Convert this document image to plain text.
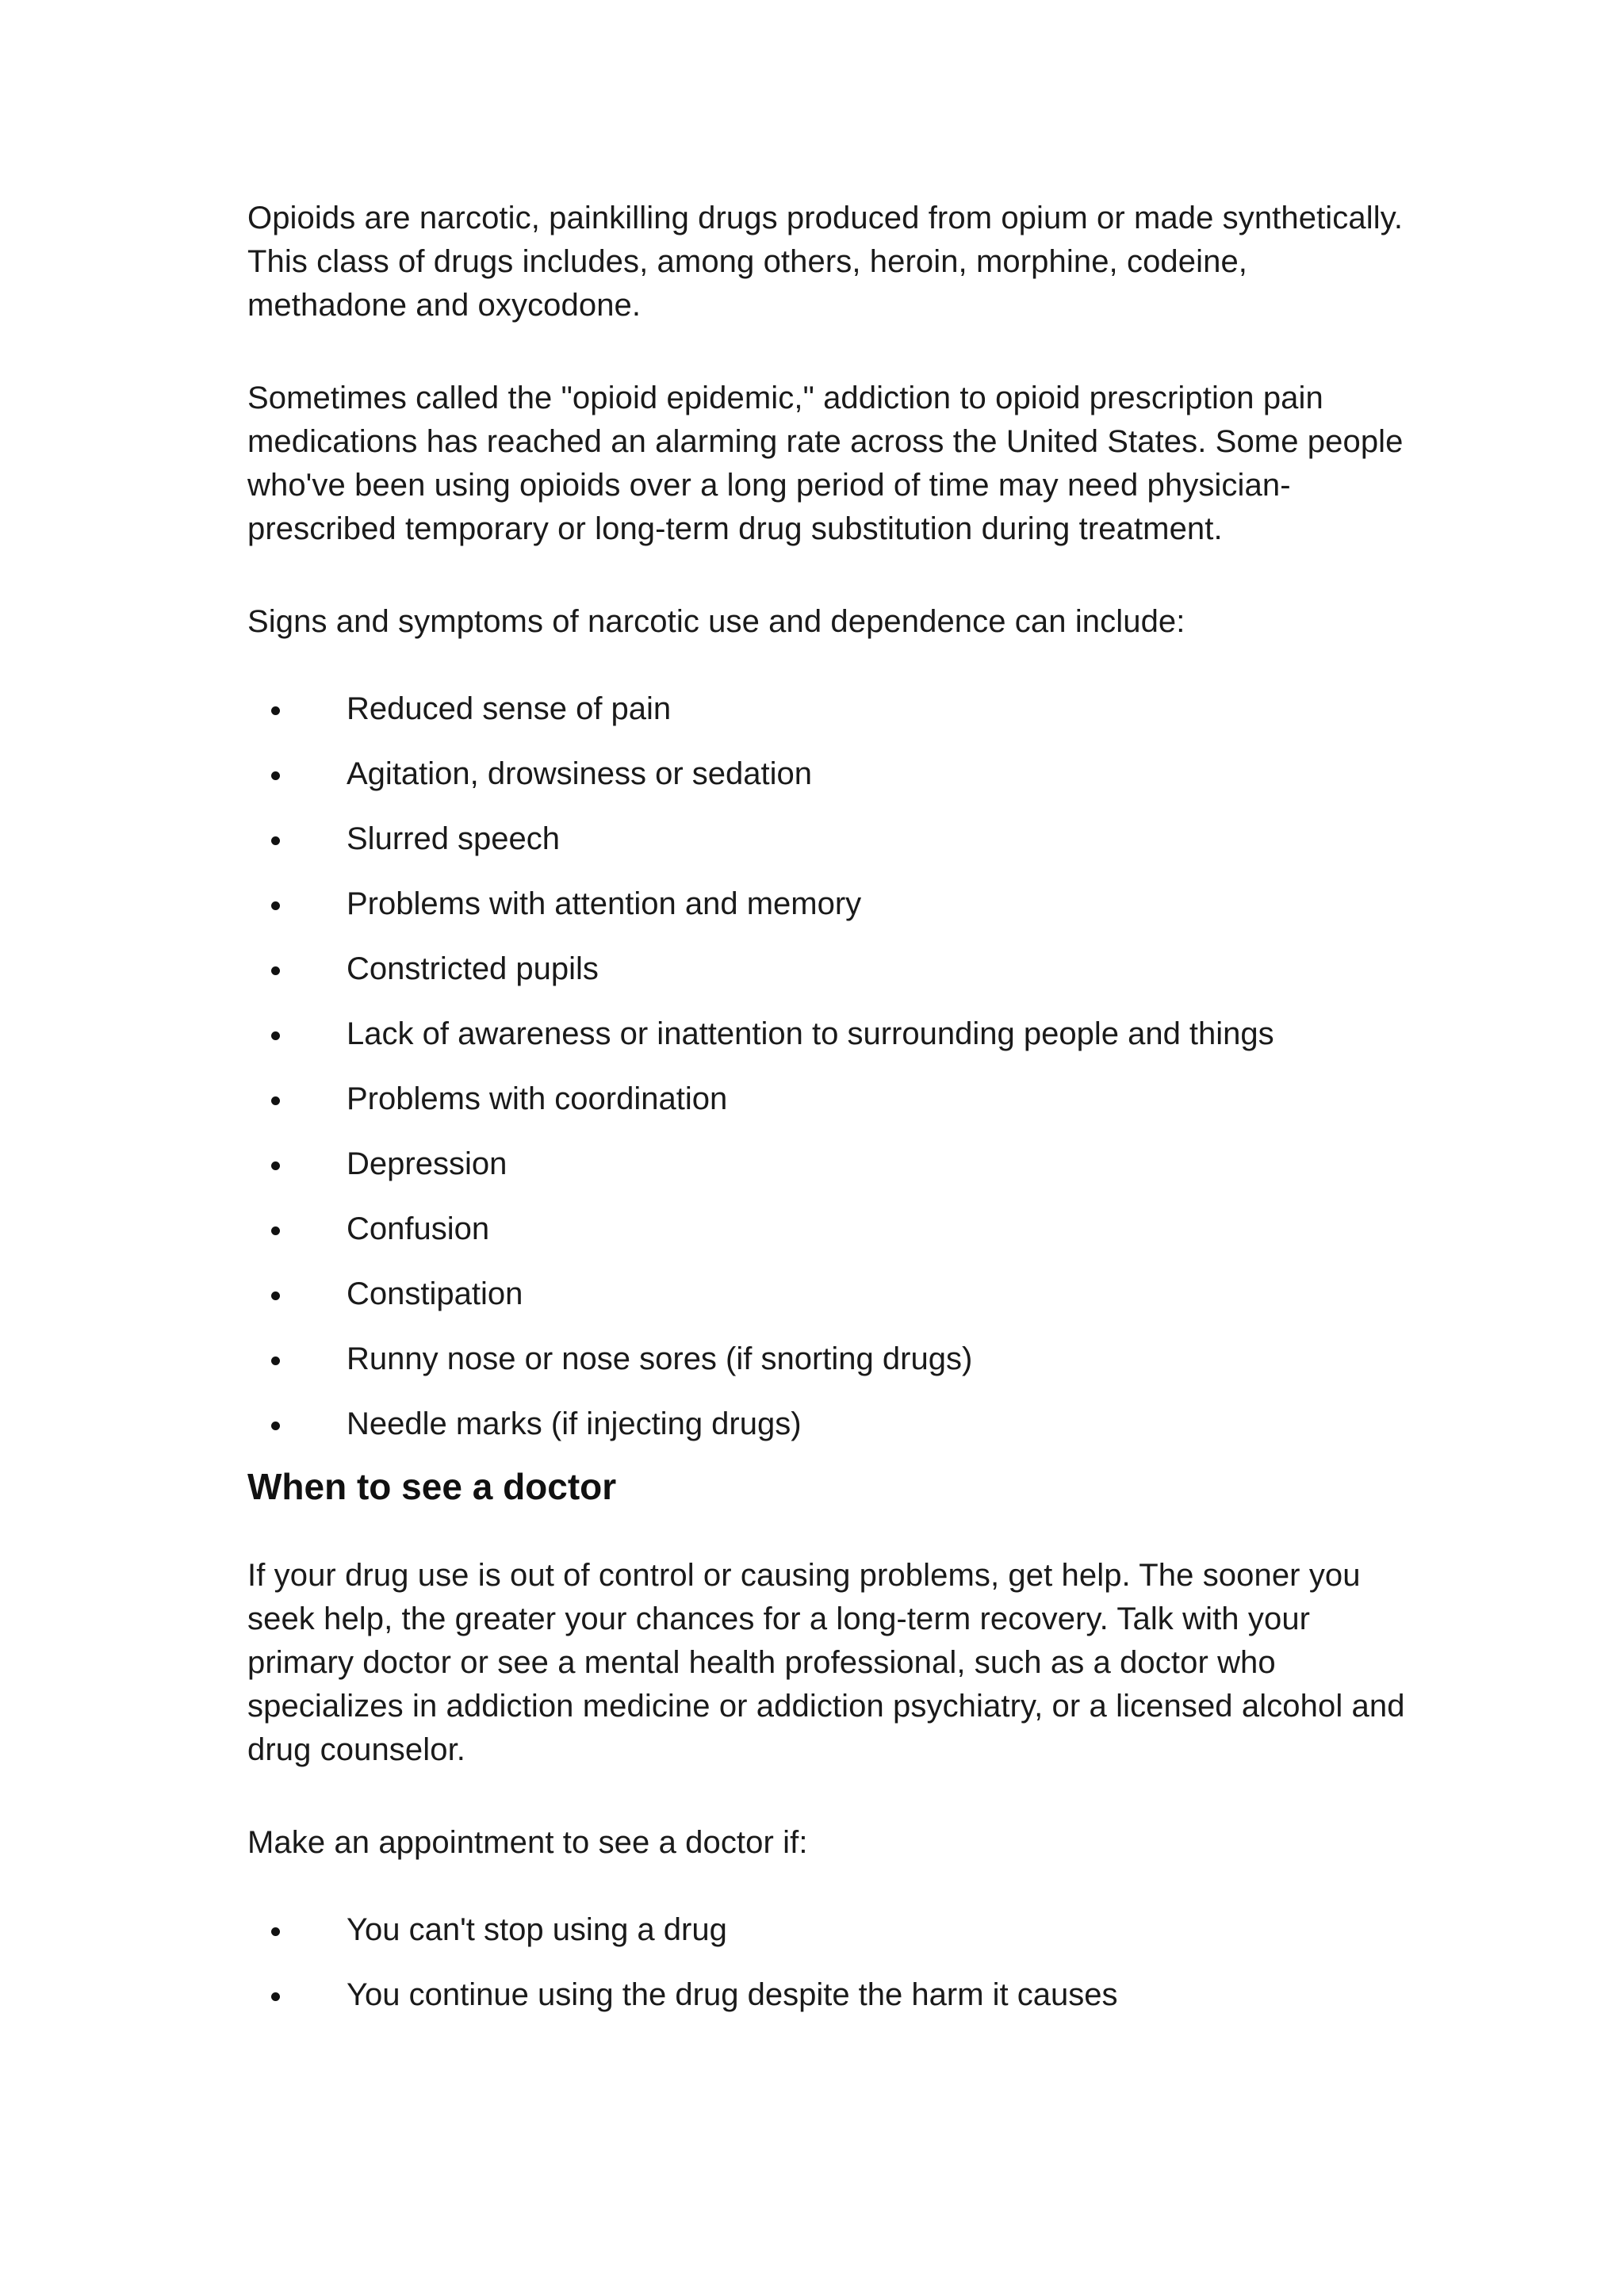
Opioids are narcotic, painkilling drugs produced from opium or made synthetically. This class of drugs includes, among others, heroin, morphine, codeine, methadone and oxycodone.

Sometimes called the "opioid epidemic," addiction to opioid prescription pain medications has reached an alarming rate across the United States. Some people who've been using opioids over a long period of time may need physician-prescribed temporary or long-term drug substitution during treatment.

Signs and symptoms of narcotic use and dependence can include:

Reduced sense of pain
Agitation, drowsiness or sedation
Slurred speech
Problems with attention and memory
Constricted pupils
Lack of awareness or inattention to surrounding people and things
Problems with coordination
Depression
Confusion
Constipation
Runny nose or nose sores (if snorting drugs)
Needle marks (if injecting drugs)
When to see a doctor

If your drug use is out of control or causing problems, get help. The sooner you seek help, the greater your chances for a long-term recovery. Talk with your primary doctor or see a mental health professional, such as a doctor who specializes in addiction medicine or addiction psychiatry, or a licensed alcohol and drug counselor.

Make an appointment to see a doctor if:

You can't stop using a drug
You continue using the drug despite the harm it causes
